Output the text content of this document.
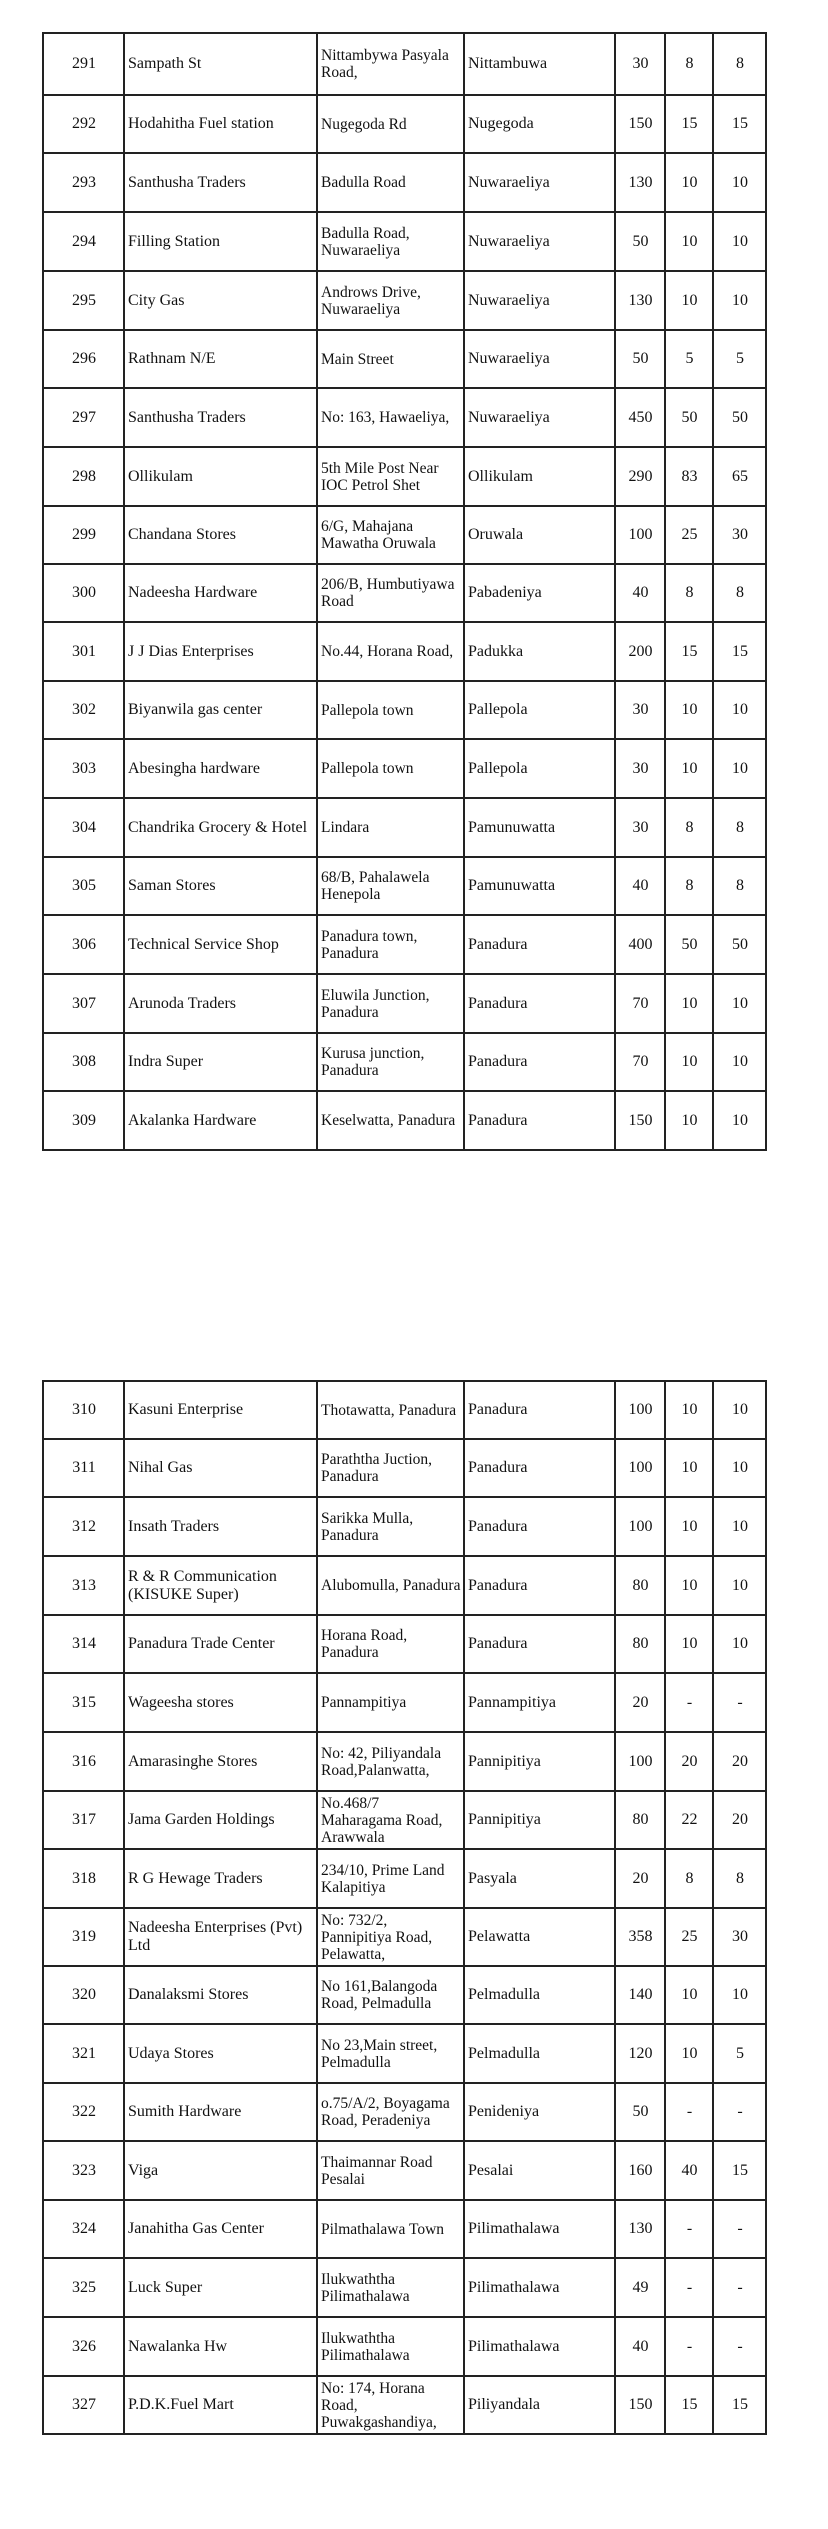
291	Sampath St	Nittambywa Pasyala Road,	Nittambuwa	30	8	8

292	Hodahitha Fuel station	Nugegoda Rd	Nugegoda	150	15	15

293	Santhusha Traders	Badulla Road	Nuwaraeliya	130	10	10

294	Filling Station	Badulla Road, Nuwaraeliya	Nuwaraeliya	50	10	10

295	City Gas	Androws Drive, Nuwaraeliya	Nuwaraeliya	130	10	10

296	Rathnam N/E	Main Street	Nuwaraeliya	50	5	5

297	Santhusha Traders	No: 163, Hawaeliya,	Nuwaraeliya	450	50	50

298	Ollikulam	5th Mile Post Near IOC Petrol Shet	Ollikulam	290	83	65

299	Chandana Stores	6/G, Mahajana Mawatha Oruwala	Oruwala	100	25	30

300	Nadeesha Hardware	206/B, Humbutiyawa Road	Pabadeniya	40	8	8

301	J J Dias Enterprises	No.44, Horana Road,	Padukka	200	15	15

302	Biyanwila gas center	Pallepola town	Pallepola	30	10	10

303	Abesingha hardware	Pallepola town	Pallepola	30	10	10

304	Chandrika Grocery & Hotel	Lindara	Pamunuwatta	30	8	8

305	Saman Stores	68/B, Pahalawela Henepola	Pamunuwatta	40	8	8

306	Technical Service Shop	Panadura town, Panadura	Panadura	400	50	50

307	Arunoda Traders	Eluwila Junction, Panadura	Panadura	70	10	10

308	Indra Super	Kurusa junction, Panadura	Panadura	70	10	10

309	Akalanka Hardware	Keselwatta, Panadura	Panadura	150	10	10
310	Kasuni Enterprise	Thotawatta, Panadura	Panadura	100	10	10

311	Nihal Gas	Paraththa Juction, Panadura	Panadura	100	10	10

312	Insath Traders	Sarikka Mulla, Panadura	Panadura	100	10	10

313	R & R Communication (KISUKE Super)	Alubomulla, Panadura	Panadura	80	10	10

314	Panadura Trade Center	Horana Road, Panadura	Panadura	80	10	10

315	Wageesha stores	Pannampitiya	Pannampitiya	20	-	-

316	Amarasinghe Stores	No: 42, Piliyandala Road,Palanwatta,	Pannipitiya	100	20	20

317	Jama Garden Holdings	No.468/7 Maharagama Road, Arawwala	Pannipitiya	80	22	20

318	R G Hewage Traders	234/10, Prime Land Kalapitiya	Pasyala	20	8	8

319	Nadeesha Enterprises (Pvt) Ltd	No: 732/2, Pannipitiya Road, Pelawatta,	Pelawatta	358	25	30

320	Danalaksmi Stores	No 161,Balangoda Road, Pelmadulla	Pelmadulla	140	10	10

321	Udaya Stores	No 23,Main street, Pelmadulla	Pelmadulla	120	10	5

322	Sumith Hardware	o.75/A/2, Boyagama Road, Peradeniya	Penideniya	50	-	-

323	Viga	Thaimannar Road Pesalai	Pesalai	160	40	15

324	Janahitha Gas Center	Pilmathalawa Town	Pilimathalawa	130	-	-

325	Luck Super	Ilukwaththa Pilimathalawa	Pilimathalawa	49	-	-

326	Nawalanka Hw	Ilukwaththa Pilimathalawa	Pilimathalawa	40	-	-

327	P.D.K.Fuel Mart	No: 174, Horana Road, Puwakgashandiya,	Piliyandala	150	15	15
